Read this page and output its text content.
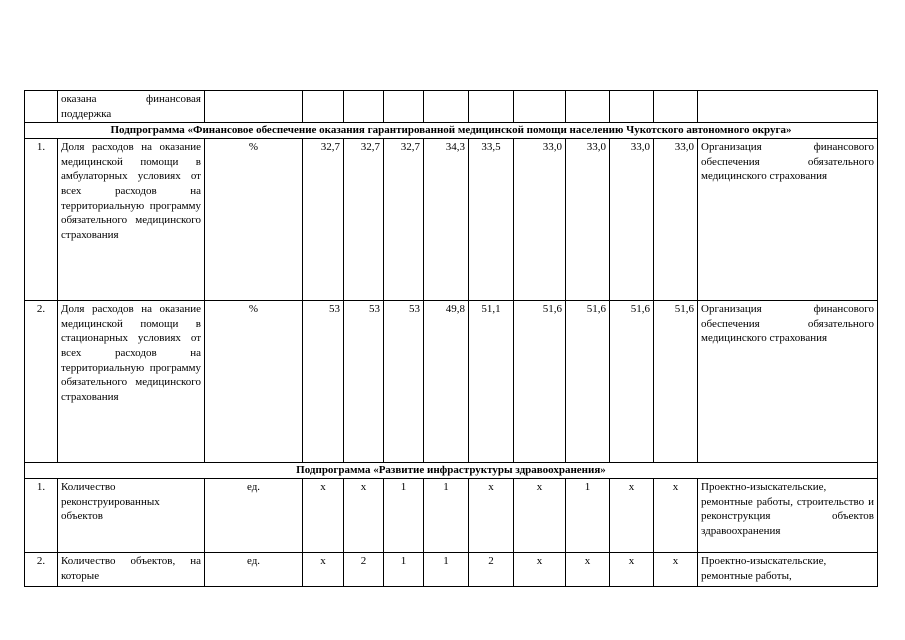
	оказана финансовая
поддержка											

Подпрограмма «Финансовое обеспечение оказания гарантированной медицинской помощи населению Чукотского автономного округа»												
1.	Доля расходов на оказание медицинской помощи в амбулаторных условиях от всех расходов на территориальную программу обязательного медицинского страхования	%	32,7	32,7	32,7	34,3	33,5	33,0	33,0	33,0	33,0	Организация финансового обеспечения обязательного медицинского страхования
2.	Доля расходов на оказание медицинской помощи в стационарных условиях от всех расходов на территориальную программу обязательного медицинского страхования	%	53	53	53	49,8	51,1	51,6	51,6	51,6	51,6	Организация финансового обеспечения обязательного медицинского страхования
Подпрограмма «Развитие инфраструктуры здравоохранения»												
1.	Количество реконструированных объектов	ед.	x	x	1	1	x	x	1	x	x	Проектно-изыскательские, ремонтные работы, строительство и реконструкция объектов здравоохранения
2.	Количество объектов, на которые	ед.	x	2	1	1	2	x	x	x	x	Проектно-изыскательские, ремонтные работы,
